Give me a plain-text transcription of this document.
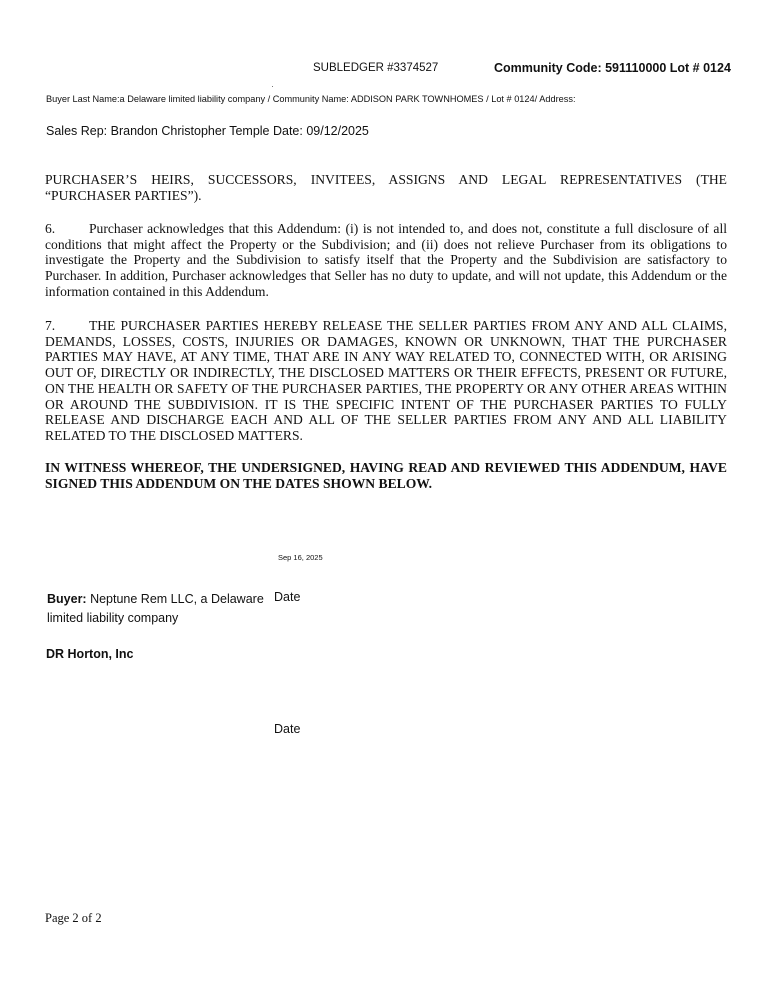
SUBLEDGER #3374527	Community Code: 591110000 Lot # 0124
Buyer Last Name:a Delaware limited liability company / Community Name: ADDISON PARK TOWNHOMES / Lot # 0124/ Address:
Sales Rep: Brandon Christopher Temple Date: 09/12/2025

PURCHASER’S HEIRS, SUCCESSORS, INVITEES, ASSIGNS AND LEGAL REPRESENTATIVES (THE “PURCHASER PARTIES”).

6. Purchaser acknowledges that this Addendum: (i) is not intended to, and does not, constitute a full disclosure of all conditions that might affect the Property or the Subdivision; and (ii) does not relieve Purchaser from its obligations to investigate the Property and the Subdivision to satisfy itself that the Property and the Subdivision are satisfactory to Purchaser. In addition, Purchaser acknowledges that Seller has no duty to update, and will not update, this Addendum or the information contained in this Addendum.

7. THE PURCHASER PARTIES HEREBY RELEASE THE SELLER PARTIES FROM ANY AND ALL CLAIMS, DEMANDS, LOSSES, COSTS, INJURIES OR DAMAGES, KNOWN OR UNKNOWN, THAT THE PURCHASER PARTIES MAY HAVE, AT ANY TIME, THAT ARE IN ANY WAY RELATED TO, CONNECTED WITH, OR ARISING OUT OF, DIRECTLY OR INDIRECTLY, THE DISCLOSED MATTERS OR THEIR EFFECTS, PRESENT OR FUTURE, ON THE HEALTH OR SAFETY OF THE PURCHASER PARTIES, THE PROPERTY OR ANY OTHER AREAS WITHIN OR AROUND THE SUBDIVISION. IT IS THE SPECIFIC INTENT OF THE PURCHASER PARTIES TO FULLY RELEASE AND DISCHARGE EACH AND ALL OF THE SELLER PARTIES FROM ANY AND ALL LIABILITY RELATED TO THE DISCLOSED MATTERS.

IN WITNESS WHEREOF, THE UNDERSIGNED, HAVING READ AND REVIEWED THIS ADDENDUM, HAVE SIGNED THIS ADDENDUM ON THE DATES SHOWN BELOW.

Sep 16, 2025
Buyer: Neptune Rem LLC, a Delaware limited liability company
Date
DR Horton, Inc
Date
Page 2 of 2
